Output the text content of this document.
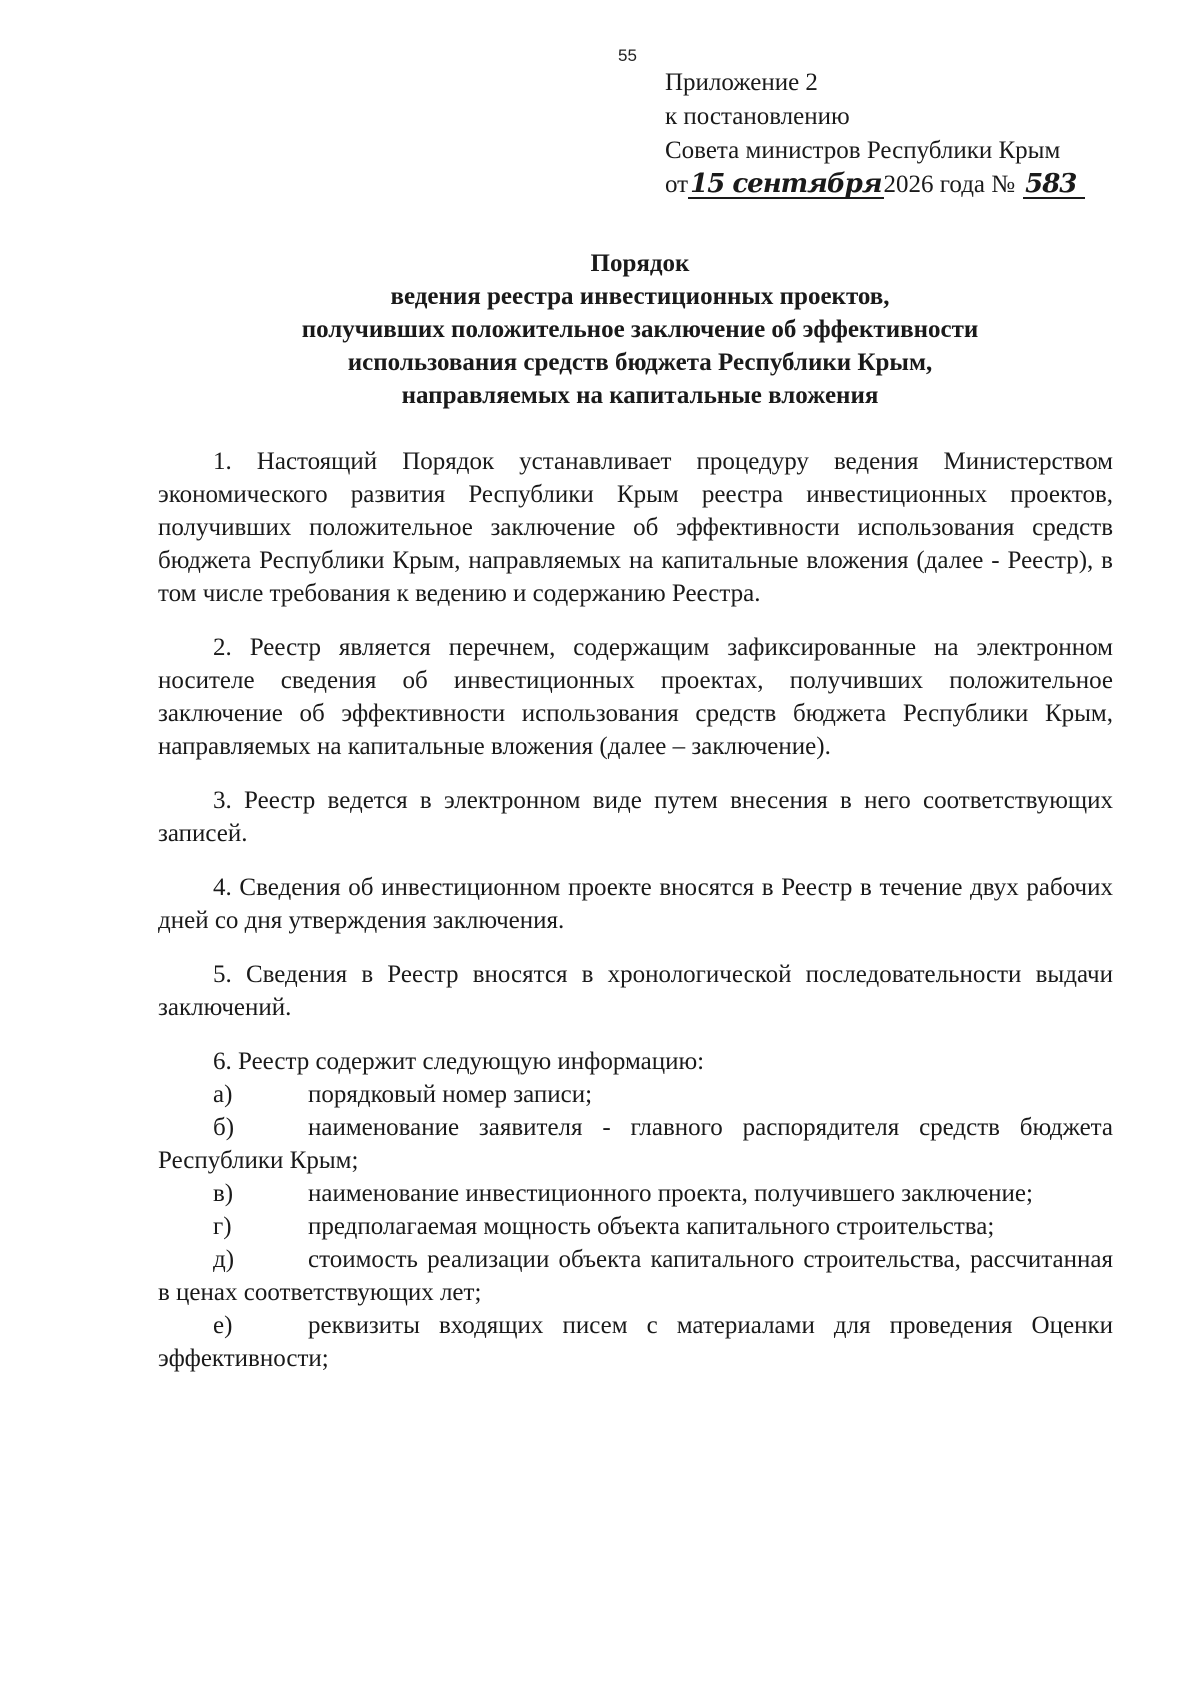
55
Приложение 2
к постановлению
Совета министров Республики Крым
от15 сентября2026 года № 583
Порядок
ведения реестра инвестиционных проектов,
получивших положительное заключение об эффективности
использования средств бюджета Республики Крым,
направляемых на капитальные вложения

1. Настоящий Порядок устанавливает процедуру ведения Министерством экономического развития Республики Крым реестра инвестиционных проектов, получивших положительное заключение об эффективности использования средств бюджета Республики Крым, направляемых на капитальные вложения (далее - Реестр), в том числе требования к ведению и содержанию Реестра.

2. Реестр является перечнем, содержащим зафиксированные на электронном носителе сведения об инвестиционных проектах, получивших положительное заключение об эффективности использования средств бюджета Республики Крым, направляемых на капитальные вложения (далее – заключение).

3. Реестр ведется в электронном виде путем внесения в него соответствующих записей.

4. Сведения об инвестиционном проекте вносятся в Реестр в течение двух рабочих дней со дня утверждения заключения.

5. Сведения в Реестр вносятся в хронологической последовательности выдачи заключений.

6. Реестр содержит следующую информацию:

а)	порядковый номер записи;

б)	наименование заявителя - главного распорядителя средств бюджета Республики Крым;

в)	наименование инвестиционного проекта, получившего заключение;

г)	предполагаемая мощность объекта капитального строительства;

д)	стоимость реализации объекта капитального строительства, рассчитанная в ценах соответствующих лет;

е)	реквизиты входящих писем с материалами для проведения Оценки эффективности;
